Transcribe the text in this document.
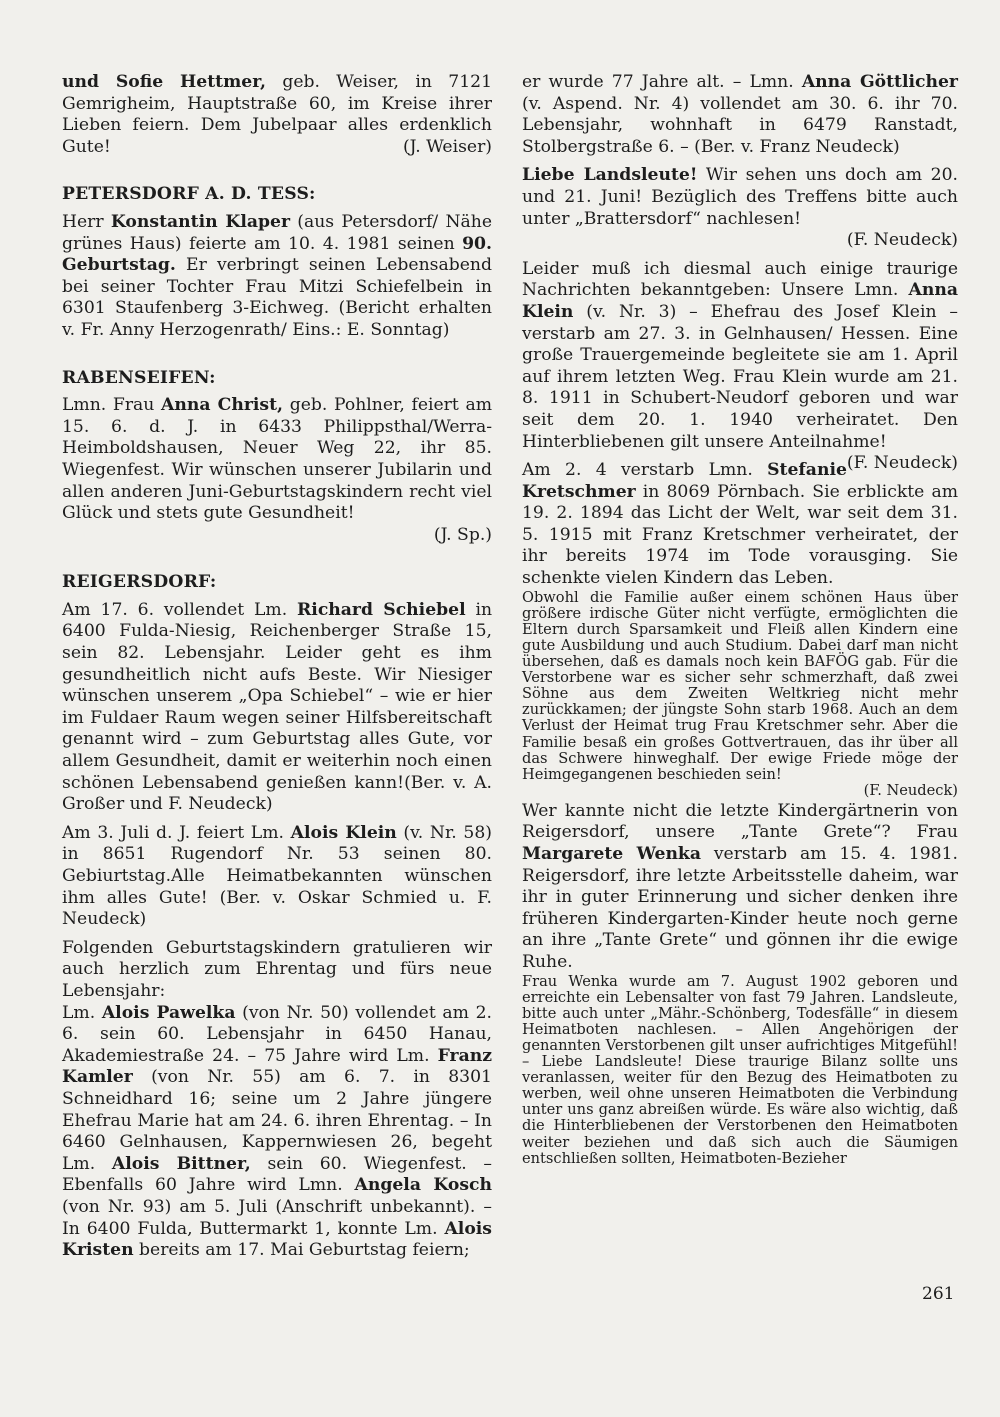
und Sofie Hettmer, geb. Weiser, in 7121 Gemrigheim, Hauptstraße 60, im Kreise ihrer Lieben feiern. Dem Jubelpaar alles erdenklich Gute!	(J. Weiser)

PETERSDORF A. D. TESS:

Herr Konstantin Klaper (aus Petersdorf/ Nähe grünes Haus) feierte am 10. 4. 1981 seinen 90. Geburtstag. Er verbringt seinen Lebensabend bei seiner Tochter Frau Mitzi Schiefelbein in 6301 Staufenberg 3-Eichweg. (Bericht erhalten v. Fr. Anny Herzogenrath/ Eins.: E. Sonntag)

RABENSEIFEN:

Lmn. Frau Anna Christ, geb. Pohlner, feiert am 15. 6. d. J. in 6433 Philippsthal/Werra-Heimboldshausen, Neuer Weg 22, ihr 85. Wiegenfest. Wir wünschen unserer Jubilarin und allen anderen Juni-Geburtstagskindern recht viel Glück und stets gute Gesundheit!
(J. Sp.)

REIGERSDORF:

Am 17. 6. vollendet Lm. Richard Schiebel in 6400 Fulda-Niesig, Reichenberger Straße 15, sein 82. Lebensjahr. Leider geht es ihm gesundheitlich nicht aufs Beste. Wir Niesiger wünschen unserem „Opa Schiebel“ – wie er hier im Fuldaer Raum wegen seiner Hilfsbereitschaft genannt wird – zum Geburtstag alles Gute, vor allem Gesundheit, damit er weiterhin noch einen schönen Lebensabend genießen kann!(Ber. v. A. Großer und F. Neudeck)

Am 3. Juli d. J. feiert Lm. Alois Klein (v. Nr. 58) in 8651 Rugendorf Nr. 53 seinen 80. Gebiurtstag.Alle Heimatbekannten wünschen ihm alles Gute! (Ber. v. Oskar Schmied u. F. Neudeck)

Folgenden Geburtstagskindern gratulieren wir auch herzlich zum Ehrentag und fürs neue Lebensjahr:

Lm. Alois Pawelka (von Nr. 50) vollendet am 2. 6. sein 60. Lebensjahr in 6450 Hanau, Akademiestraße 24. – 75 Jahre wird Lm. Franz Kamler (von Nr. 55) am 6. 7. in 8301 Schneidhard 16; seine um 2 Jahre jüngere Ehefrau Marie hat am 24. 6. ihren Ehrentag. – In 6460 Gelnhausen, Kappernwiesen 26, begeht Lm. Alois Bittner, sein 60. Wiegenfest. – Ebenfalls 60 Jahre wird Lmn. Angela Kosch (von Nr. 93) am 5. Juli (Anschrift unbekannt). – In 6400 Fulda, Buttermarkt 1, konnte Lm. Alois Kristen bereits am 17. Mai Geburtstag feiern;

er wurde 77 Jahre alt. – Lmn. Anna Göttlicher (v. Aspend. Nr. 4) vollendet am 30. 6. ihr 70. Lebensjahr, wohnhaft in 6479 Ranstadt, Stolbergstraße 6. – (Ber. v. Franz Neudeck)

Liebe Landsleute! Wir sehen uns doch am 20. und 21. Juni! Bezüglich des Treffens bitte auch unter „Brattersdorf“ nachlesen!
(F. Neudeck)

Leider muß ich diesmal auch einige traurige Nachrichten bekanntgeben: Unsere Lmn. Anna Klein (v. Nr. 3) – Ehefrau des Josef Klein – verstarb am 27. 3. in Gelnhausen/ Hessen. Eine große Trauergemeinde begleitete sie am 1. April auf ihrem letzten Weg. Frau Klein wurde am 21. 8. 1911 in Schubert-Neudorf geboren und war seit dem 20. 1. 1940 verheiratet. Den Hinterbliebenen gilt unsere Anteilnahme!
(F. Neudeck)

Am 2. 4 verstarb Lmn. Stefanie Kretschmer in 8069 Pörnbach. Sie erblickte am 19. 2. 1894 das Licht der Welt, war seit dem 31. 5. 1915 mit Franz Kretschmer verheiratet, der ihr bereits 1974 im Tode vorausging. Sie schenkte vielen Kindern das Leben.

Obwohl die Familie außer einem schönen Haus über größere irdische Güter nicht verfügte, ermöglichten die Eltern durch Sparsamkeit und Fleiß allen Kindern eine gute Ausbildung und auch Studium. Dabei darf man nicht übersehen, daß es damals noch kein BAFÖG gab. Für die Verstorbene war es sicher sehr schmerzhaft, daß zwei Söhne aus dem Zweiten Weltkrieg nicht mehr zurückkamen; der jüngste Sohn starb 1968. Auch an dem Verlust der Heimat trug Frau Kretschmer sehr. Aber die Familie besaß ein großes Gottvertrauen, das ihr über all das Schwere hinweghalf. Der ewige Friede möge der Heimgegangenen beschieden sein!
(F. Neudeck)

Wer kannte nicht die letzte Kindergärtnerin von Reigersdorf, unsere „Tante Grete“? Frau Margarete Wenka verstarb am 15. 4. 1981. Reigersdorf, ihre letzte Arbeitsstelle daheim, war ihr in guter Erinnerung und sicher denken ihre früheren Kindergarten-Kinder heute noch gerne an ihre „Tante Grete“ und gönnen ihr die ewige Ruhe.

Frau Wenka wurde am 7. August 1902 geboren und erreichte ein Lebensalter von fast 79 Jahren. Landsleute, bitte auch unter „Mähr.-Schönberg, Todesfälle“ in diesem Heimatboten nachlesen. – Allen Angehörigen der genannten Verstorbenen gilt unser aufrichtiges Mitgefühl! – Liebe Landsleute! Diese traurige Bilanz sollte uns veranlassen, weiter für den Bezug des Heimatboten zu werben, weil ohne unseren Heimatboten die Verbindung unter uns ganz abreißen würde. Es wäre also wichtig, daß die Hinterbliebenen der Verstorbenen den Heimatboten weiter beziehen und daß sich auch die Säumigen entschließen sollten, Heimatboten-Bezieher

261
